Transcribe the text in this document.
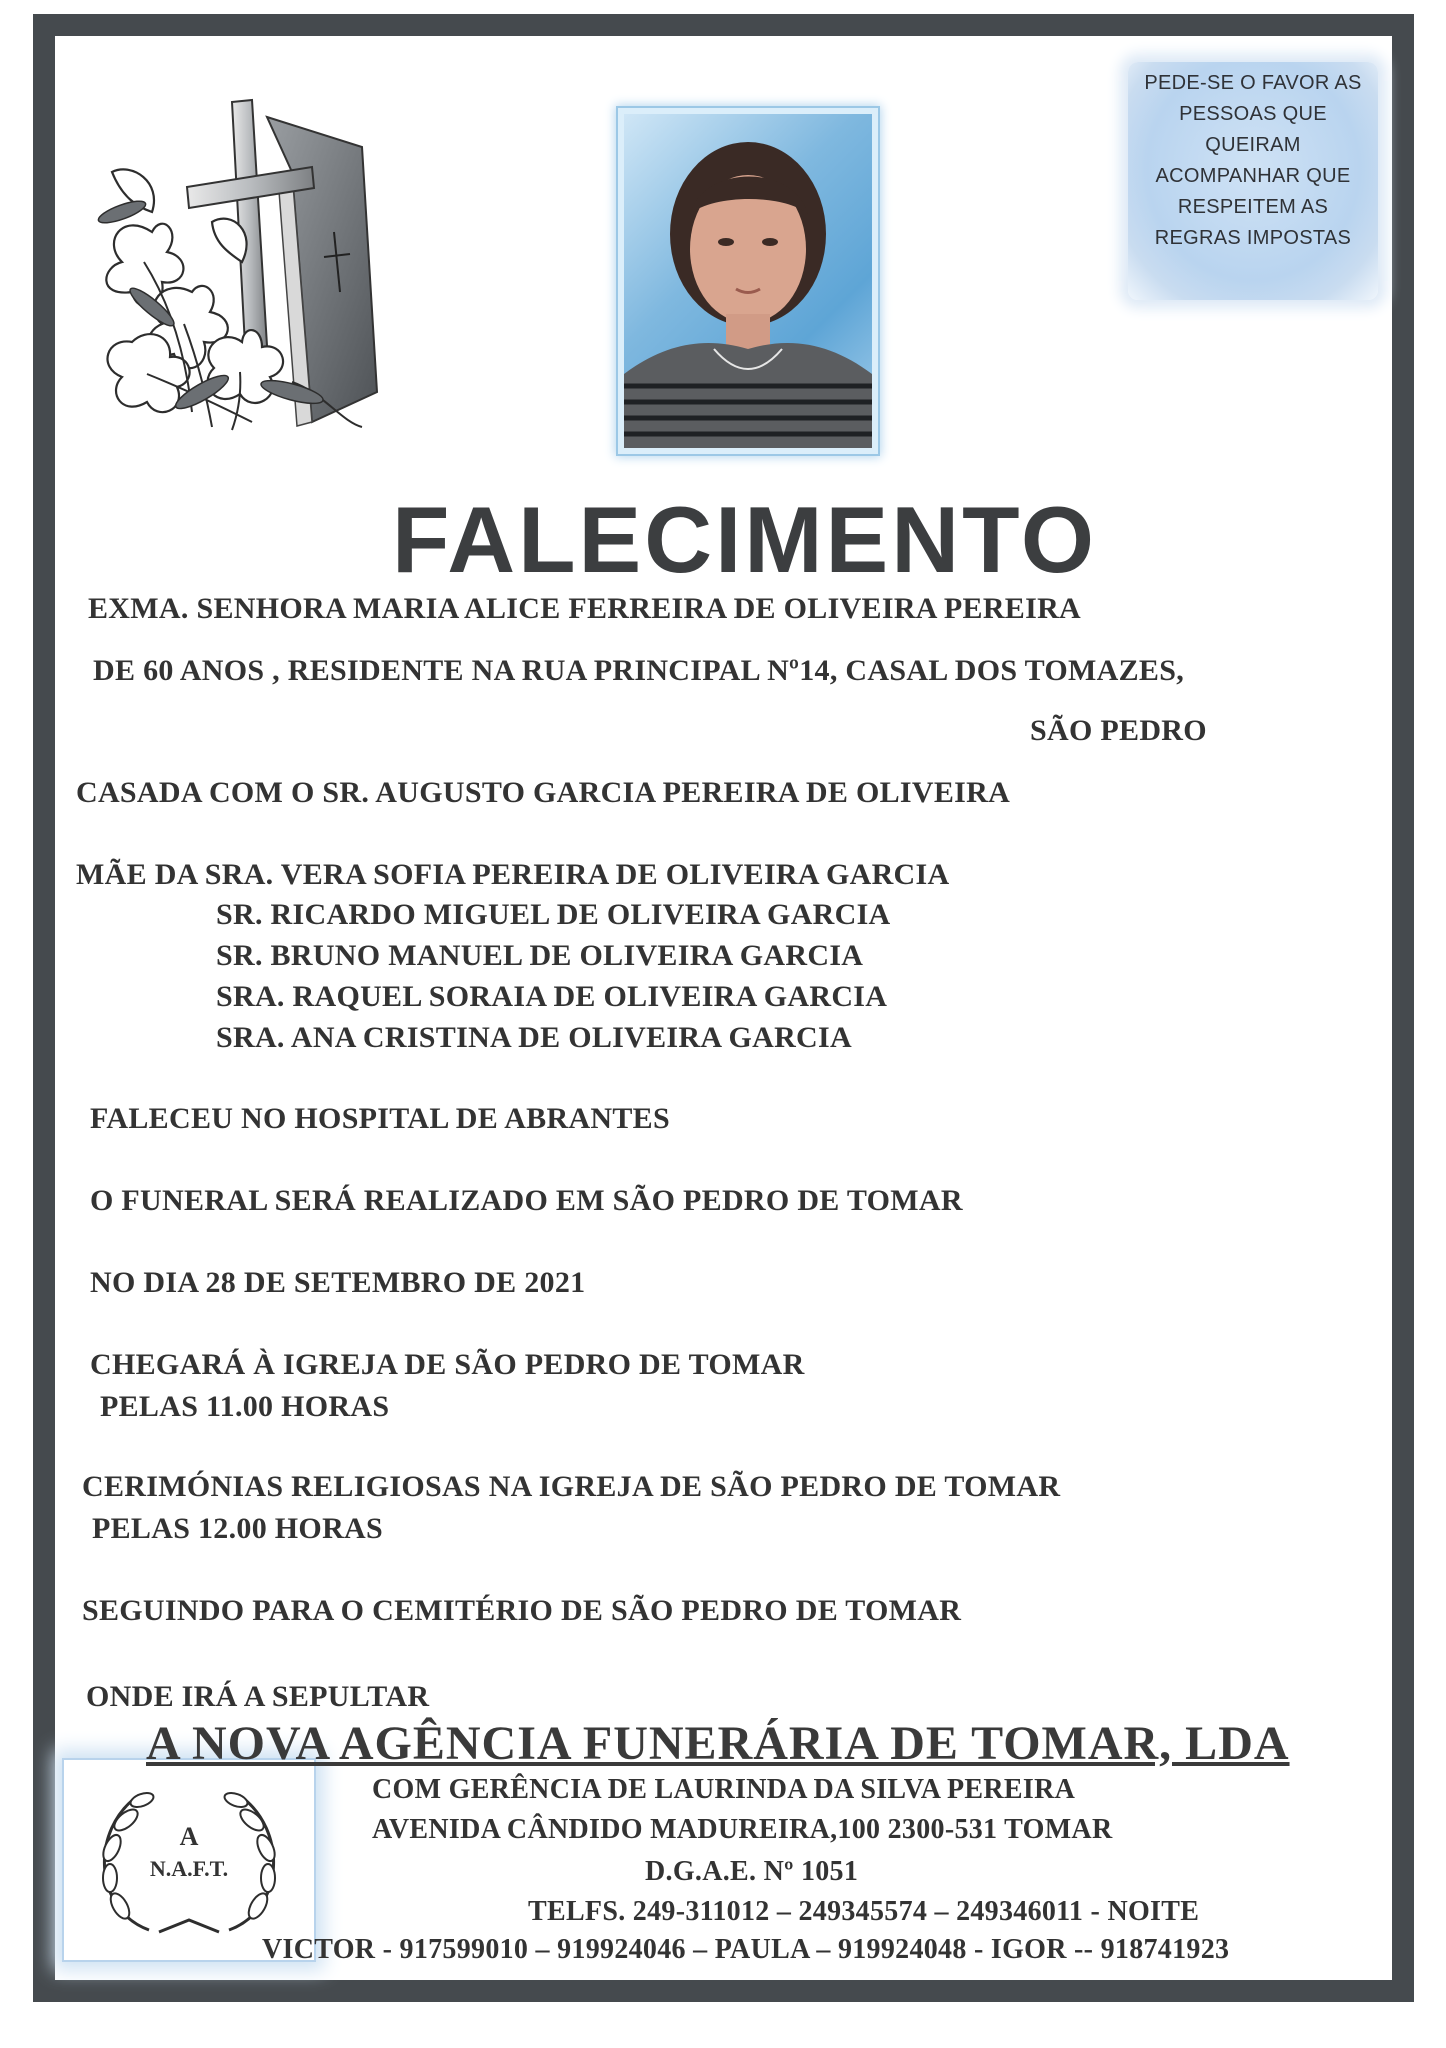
PEDE-SE O FAVOR AS
PESSOAS QUE
QUEIRAM
ACOMPANHAR QUE
RESPEITEM AS
REGRAS IMPOSTAS
FALECIMENTO
EXMA. SENHORA MARIA ALICE FERREIRA DE OLIVEIRA PEREIRA
DE 60 ANOS , RESIDENTE NA RUA PRINCIPAL Nº14, CASAL DOS TOMAZES,
SÃO PEDRO
CASADA COM O SR. AUGUSTO GARCIA PEREIRA DE OLIVEIRA
MÃE DA SRA. VERA SOFIA PEREIRA DE OLIVEIRA GARCIA
SR. RICARDO MIGUEL DE OLIVEIRA GARCIA
SR. BRUNO MANUEL DE OLIVEIRA GARCIA
SRA. RAQUEL SORAIA DE OLIVEIRA GARCIA
SRA. ANA CRISTINA DE OLIVEIRA GARCIA
FALECEU NO HOSPITAL DE ABRANTES
O FUNERAL SERÁ REALIZADO EM SÃO PEDRO DE TOMAR
NO DIA 28 DE SETEMBRO DE 2021
CHEGARÁ À IGREJA DE SÃO PEDRO DE TOMAR
PELAS 11.00 HORAS
CERIMÓNIAS RELIGIOSAS NA IGREJA DE SÃO PEDRO DE TOMAR
PELAS 12.00 HORAS
SEGUINDO PARA O CEMITÉRIO DE SÃO PEDRO DE TOMAR
ONDE IRÁ A SEPULTAR
A
N.A.F.T.
A NOVA AGÊNCIA FUNERÁRIA DE TOMAR, LDA
COM GERÊNCIA DE LAURINDA DA SILVA PEREIRA
AVENIDA CÂNDIDO MADUREIRA,100 2300-531 TOMAR
D.G.A.E. Nº 1051
TELFS. 249-311012 – 249345574 – 249346011 - NOITE
VICTOR - 917599010 – 919924046 – PAULA – 919924048 - IGOR -- 918741923
